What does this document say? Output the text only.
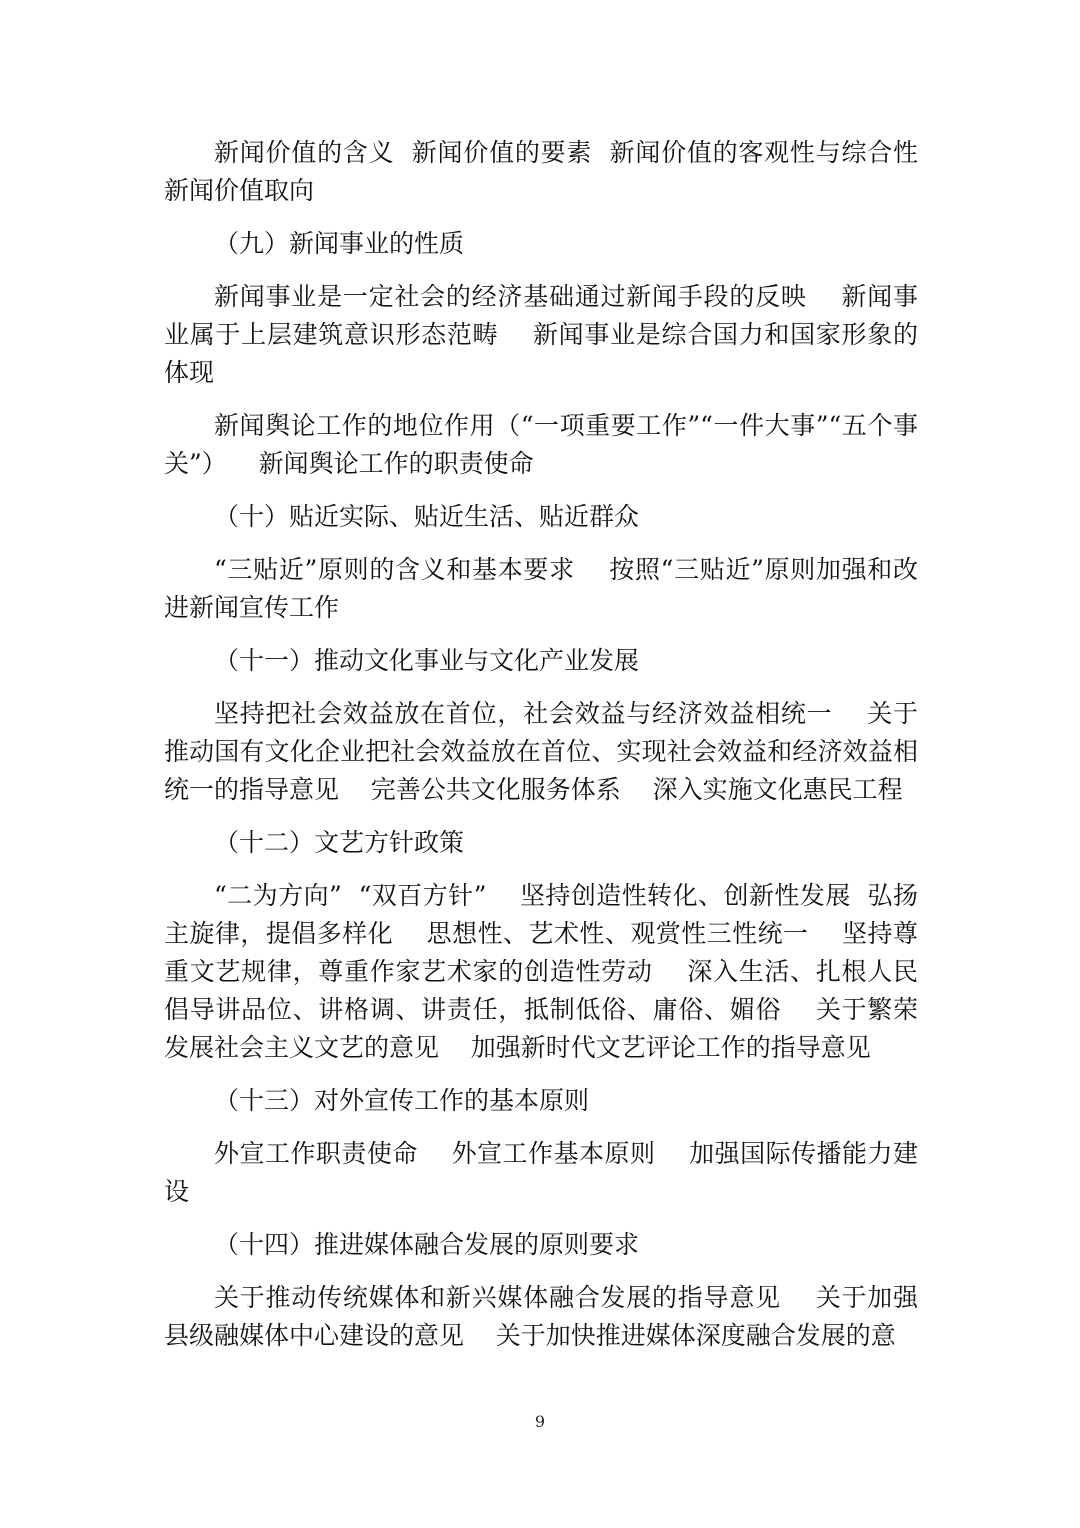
新闻价值的含义  新闻价值的要素  新闻价值的客观性与综合性  新闻价值取向

（九）新闻事业的性质

新闻事业是一定社会的经济基础通过新闻手段的反映    新闻事业属于上层建筑意识形态范畴    新闻事业是综合国力和国家形象的体现

新闻舆论工作的地位作用（“一项重要工作”“一件大事”“五个事关”）    新闻舆论工作的职责使命

（十）贴近实际、贴近生活、贴近群众

“三贴近”原则的含义和基本要求    按照“三贴近”原则加强和改进新闻宣传工作

（十一）推动文化事业与文化产业发展

坚持把社会效益放在首位，社会效益与经济效益相统一    关于推动国有文化企业把社会效益放在首位、实现社会效益和经济效益相统一的指导意见    完善公共文化服务体系    深入实施文化惠民工程

（十二）文艺方针政策

“二为方向”  “双百方针”    坚持创造性转化、创新性发展  弘扬主旋律，提倡多样化    思想性、艺术性、观赏性三性统一    坚持尊重文艺规律，尊重作家艺术家的创造性劳动    深入生活、扎根人民  倡导讲品位、讲格调、讲责任，抵制低俗、庸俗、媚俗    关于繁荣发展社会主义文艺的意见    加强新时代文艺评论工作的指导意见

（十三）对外宣传工作的基本原则

外宣工作职责使命    外宣工作基本原则    加强国际传播能力建设

（十四）推进媒体融合发展的原则要求

关于推动传统媒体和新兴媒体融合发展的指导意见    关于加强县级融媒体中心建设的意见    关于加快推进媒体深度融合发展的意

9
